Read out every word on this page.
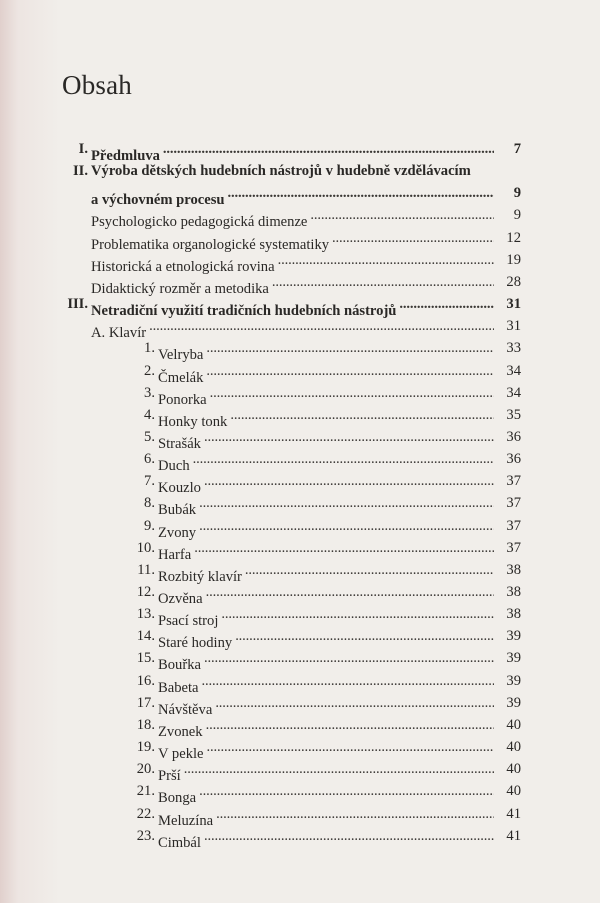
Obsah
I. Předmluva . . .	7
II. Výroba dětských hudebních nástrojů v hudebně vzdělávacím
a výchovném procesu . . .	9
Psychologicko pedagogická dimenze . . .	9
Problematika organologické systematiky . . .	12
Historická a etnologická rovina . . .	19
Didaktický rozměr a metodika . . .	28
III. Netradiční využití tradičních hudebních nástrojů . . .	31
A. Klavír . . .	31
1. Velryba . . .	33
2. Čmelák . . .	34
3. Ponorka . . .	34
4. Honky tonk . . .	35
5. Strašák . . .	36
6. Duch . . .	36
7. Kouzlo . . .	37
8. Bubák . . .	37
9. Zvony . . .	37
10. Harfa . . .	37
11. Rozbitý klavír . . .	38
12. Ozvěna . . .	38
13. Psací stroj . . .	38
14. Staré hodiny . . .	39
15. Bouřka . . .	39
16. Babeta . . .	39
17. Návštěva . . .	39
18. Zvonek . . .	40
19. V pekle . . .	40
20. Prší . . .	40
21. Bonga . . .	40
22. Meluzína . . .	41
23. Cimbál . . .	41
